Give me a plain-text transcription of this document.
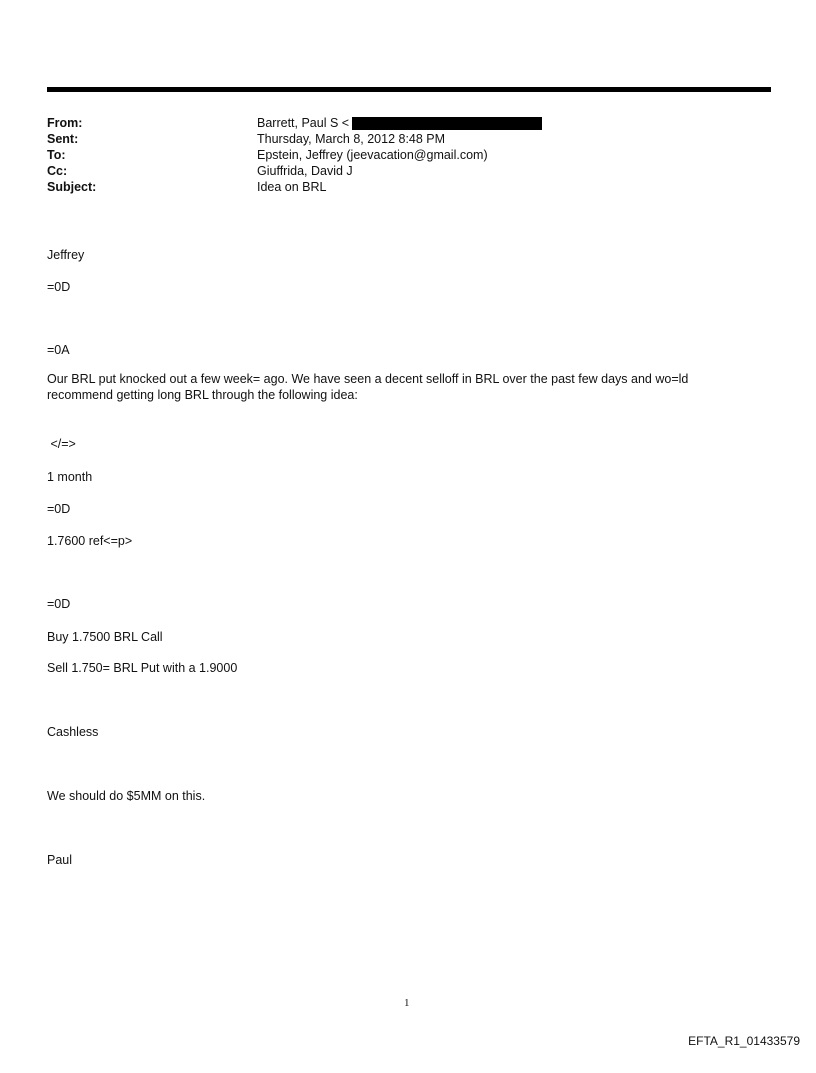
From:	Barrett, Paul S <
Sent:	Thursday, March 8, 2012 8:48 PM
To:	Epstein, Jeffrey (jeevacation@gmail.com)
Cc:	Giuffrida, David J
Subject:	Idea on BRL
Jeffrey
=0D
=0A
Our BRL put knocked out a few week= ago. We have seen a decent selloff in BRL over the past few days and wo=ld
recommend getting long BRL through the following idea:
</=>
1 month
=0D
1.7600 ref<=p>
=0D
Buy 1.7500 BRL Call
Sell 1.750= BRL Put with a 1.9000
Cashless
We should do $5MM on this.
Paul
1
EFTA_R1_01433579
